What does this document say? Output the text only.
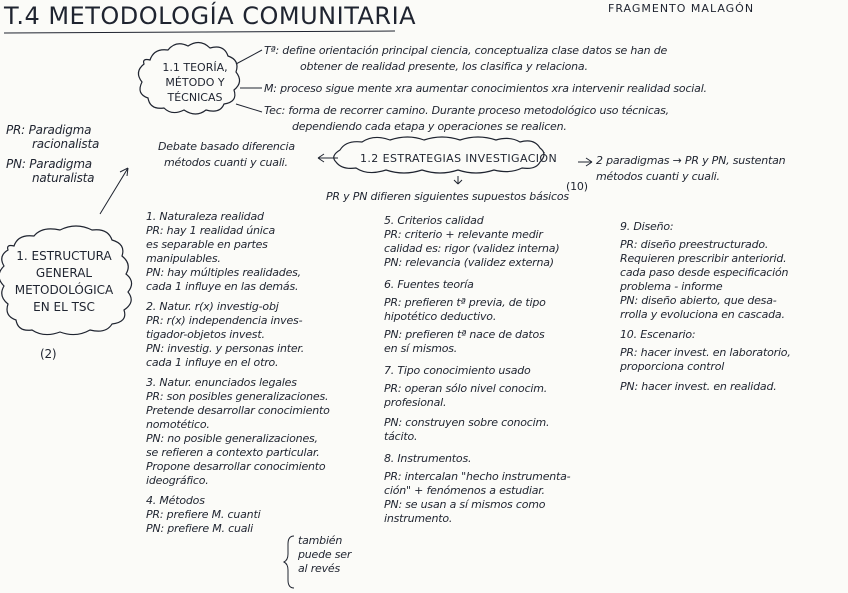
T.4 METODOLOGÍA COMUNITARIA	FRAGMENTO MALAGÓN
1.1 TEORÍA,
MÉTODO Y
TÉCNICAS
Tª: define orientación principal ciencia, conceptualiza clase datos se han de
obtener de realidad presente, los clasifica y relaciona.
M: proceso sigue mente xra aumentar conocimientos xra intervenir realidad social.
Tec: forma de recorrer camino. Durante proceso metodológico uso técnicas,
dependiendo cada etapa y operaciones se realicen.
PR: Paradigma
racionalista
PN: Paradigma
naturalista
Debate basado diferencia
métodos cuanti y cuali.	1.2 ESTRATEGIAS INVESTIGACIÓN
(10)
2 paradigmas → PR y PN, sustentan
métodos cuanti y cuali.
PR y PN difieren siguientes supuestos básicos
1. ESTRUCTURA
GENERAL
METODOLÓGICA
EN EL TSC
(2)
1. Naturaleza realidad
PR: hay 1 realidad única
es separable en partes
manipulables.
PN: hay múltiples realidades,
cada 1 influye en las demás.
2. Natur. r(x) investig-obj
PR: r(x) independencia inves-
tigador-objetos invest.
PN: investig. y personas inter.
cada 1 influye en el otro.
3. Natur. enunciados legales
PR: son posibles generalizaciones.
Pretende desarrollar conocimiento
nomotético.
PN: no posible generalizaciones,
se refieren a contexto particular.
Propone desarrollar conocimiento
ideográfico.
4. Métodos
PR: prefiere M. cuanti
PN: prefiere M. cuali
también
puede ser
al revés
5. Criterios calidad
PR: criterio + relevante medir
calidad es: rigor (validez interna)
PN: relevancia (validez externa)
6. Fuentes teoría
PR: prefieren tª previa, de tipo
hipotético deductivo.
PN: prefieren tª nace de datos
en sí mismos.
7. Tipo conocimiento usado
PR: operan sólo nivel conocim.
profesional.
PN: construyen sobre conocim.
tácito.
8. Instrumentos.
PR: intercalan "hecho instrumenta-
ción" + fenómenos a estudiar.
PN: se usan a sí mismos como
instrumento.
9. Diseño:
PR: diseño preestructurado.
Requieren prescribir anteriorid.
cada paso desde especificación
problema - informe
PN: diseño abierto, que desa-
rrolla y evoluciona en cascada.
10. Escenario:
PR: hacer invest. en laboratorio,
proporciona control
PN: hacer invest. en realidad.
